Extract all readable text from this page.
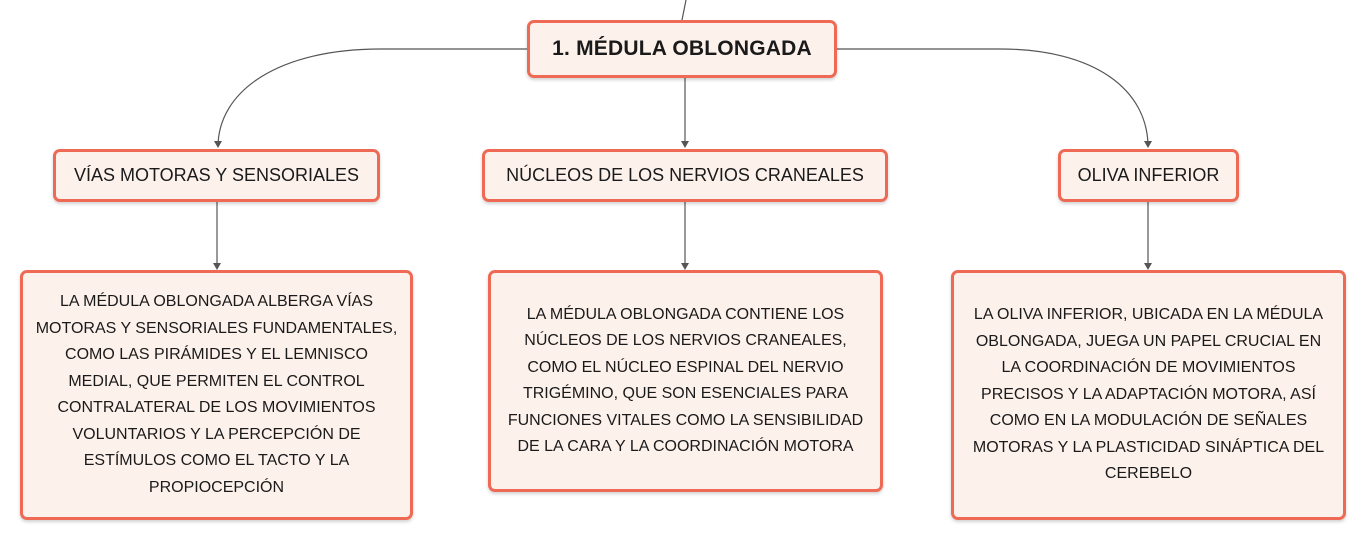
1. MÉDULA OBLONGADA
VÍAS MOTORAS Y SENSORIALES	NÚCLEOS DE LOS NERVIOS CRANEALES	OLIVA INFERIOR
LA MÉDULA OBLONGADA ALBERGA VÍAS MOTORAS Y SENSORIALES FUNDAMENTALES, COMO LAS PIRÁMIDES Y EL LEMNISCO MEDIAL, QUE PERMITEN EL CONTROL CONTRALATERAL DE LOS MOVIMIENTOS VOLUNTARIOS Y LA PERCEPCIÓN DE ESTÍMULOS COMO EL TACTO Y LA PROPIOCEPCIÓN
LA MÉDULA OBLONGADA CONTIENE LOS NÚCLEOS DE LOS NERVIOS CRANEALES, COMO EL NÚCLEO ESPINAL DEL NERVIO TRIGÉMINO, QUE SON ESENCIALES PARA FUNCIONES VITALES COMO LA SENSIBILIDAD DE LA CARA Y LA COORDINACIÓN MOTORA
LA OLIVA INFERIOR, UBICADA EN LA MÉDULA OBLONGADA, JUEGA UN PAPEL CRUCIAL EN LA COORDINACIÓN DE MOVIMIENTOS PRECISOS Y LA ADAPTACIÓN MOTORA, ASÍ COMO EN LA MODULACIÓN DE SEÑALES MOTORAS Y LA PLASTICIDAD SINÁPTICA DEL CEREBELO
